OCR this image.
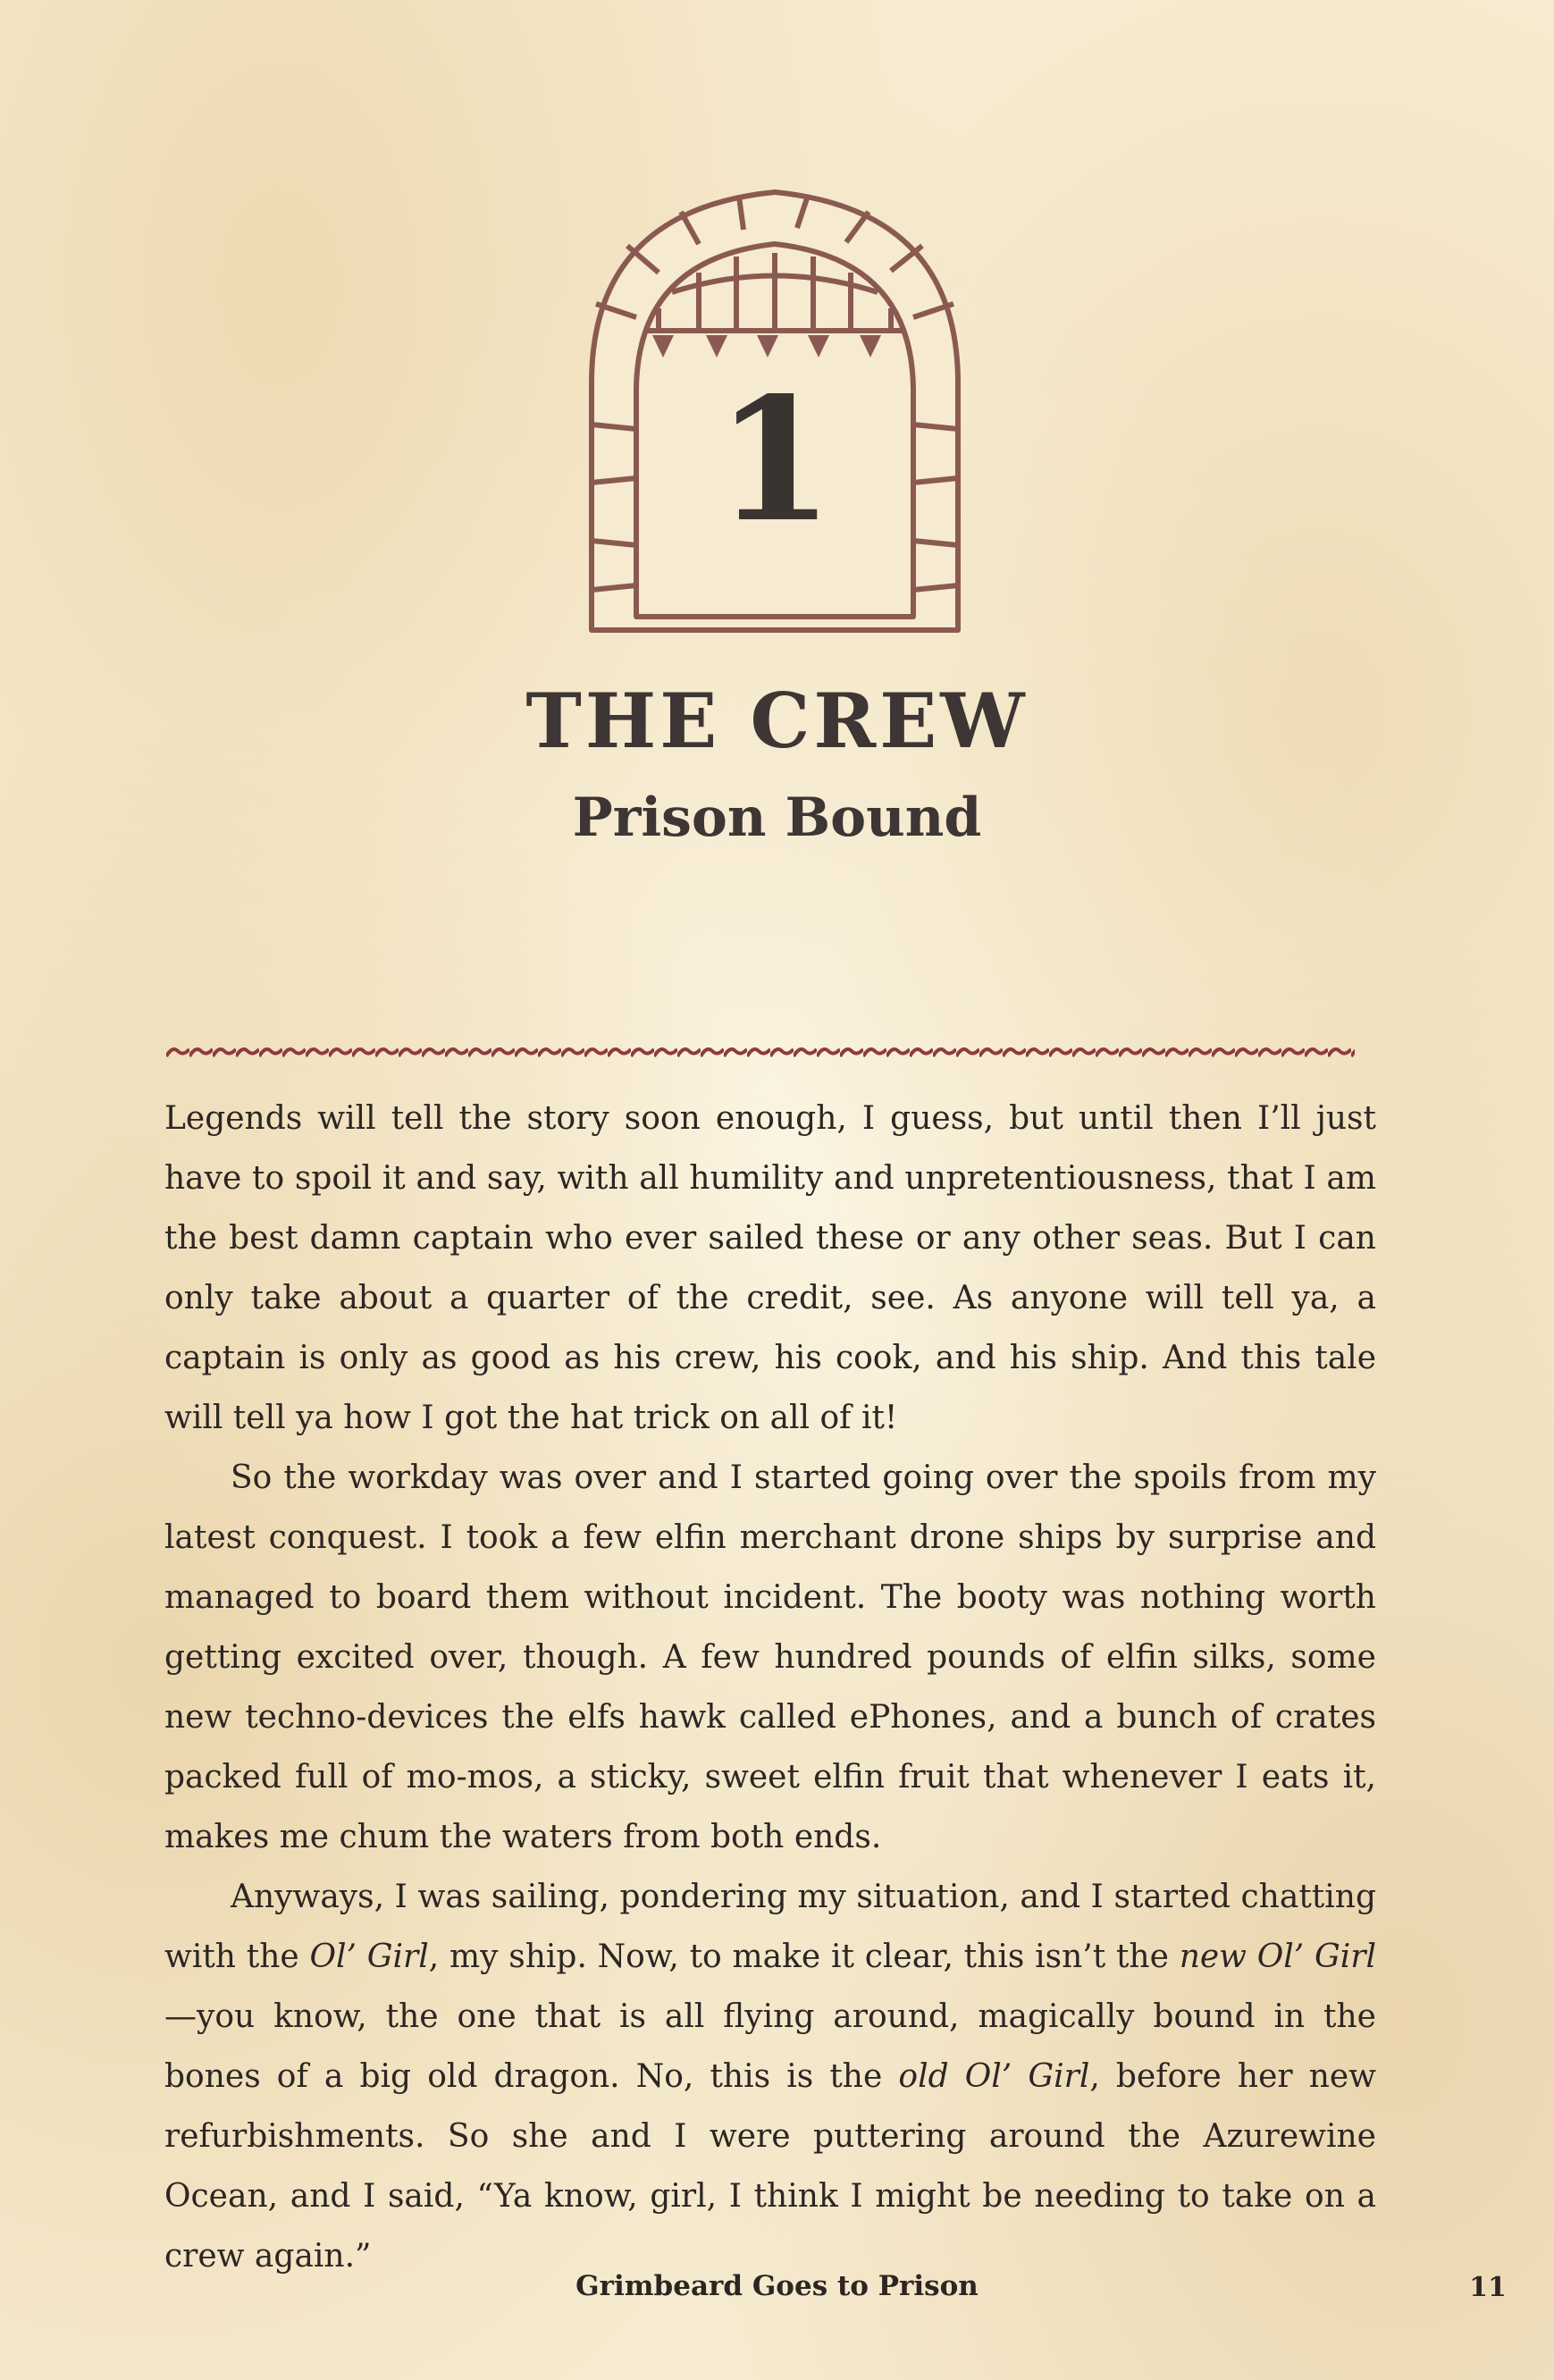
1
THE CREW
Prison Bound

Legends will tell the story soon enough, I guess, but until then I’ll just have to spoil it and say, with all humility and unpretentiousness, that I am the best damn captain who ever sailed these or any other seas. But I can only take about a quarter of the credit, see. As anyone will tell ya, a captain is only as good as his crew, his cook, and his ship. And this tale will tell ya how I got the hat trick on all of it!

So the workday was over and I started going over the spoils from my latest conquest. I took a few elfin merchant drone ships by surprise and managed to board them without incident. The booty was nothing worth getting excited over, though. A few hundred pounds of elfin silks, some new techno-devices the elfs hawk called ePhones, and a bunch of crates packed full of mo-mos, a sticky, sweet elfin fruit that whenever I eats it, makes me chum the waters from both ends.

Anyways, I was sailing, pondering my situation, and I started chatting with the Ol’ Girl, my ship. Now, to make it clear, this isn’t the new Ol’ Girl—you know, the one that is all flying around, magically bound in the bones of a big old dragon. No, this is the old Ol’ Girl, before her new refurbishments. So she and I were puttering around the Azurewine Ocean, and I said, “Ya know, girl, I think I might be needing to take on a crew again.”

Grimbeard Goes to Prison	11
